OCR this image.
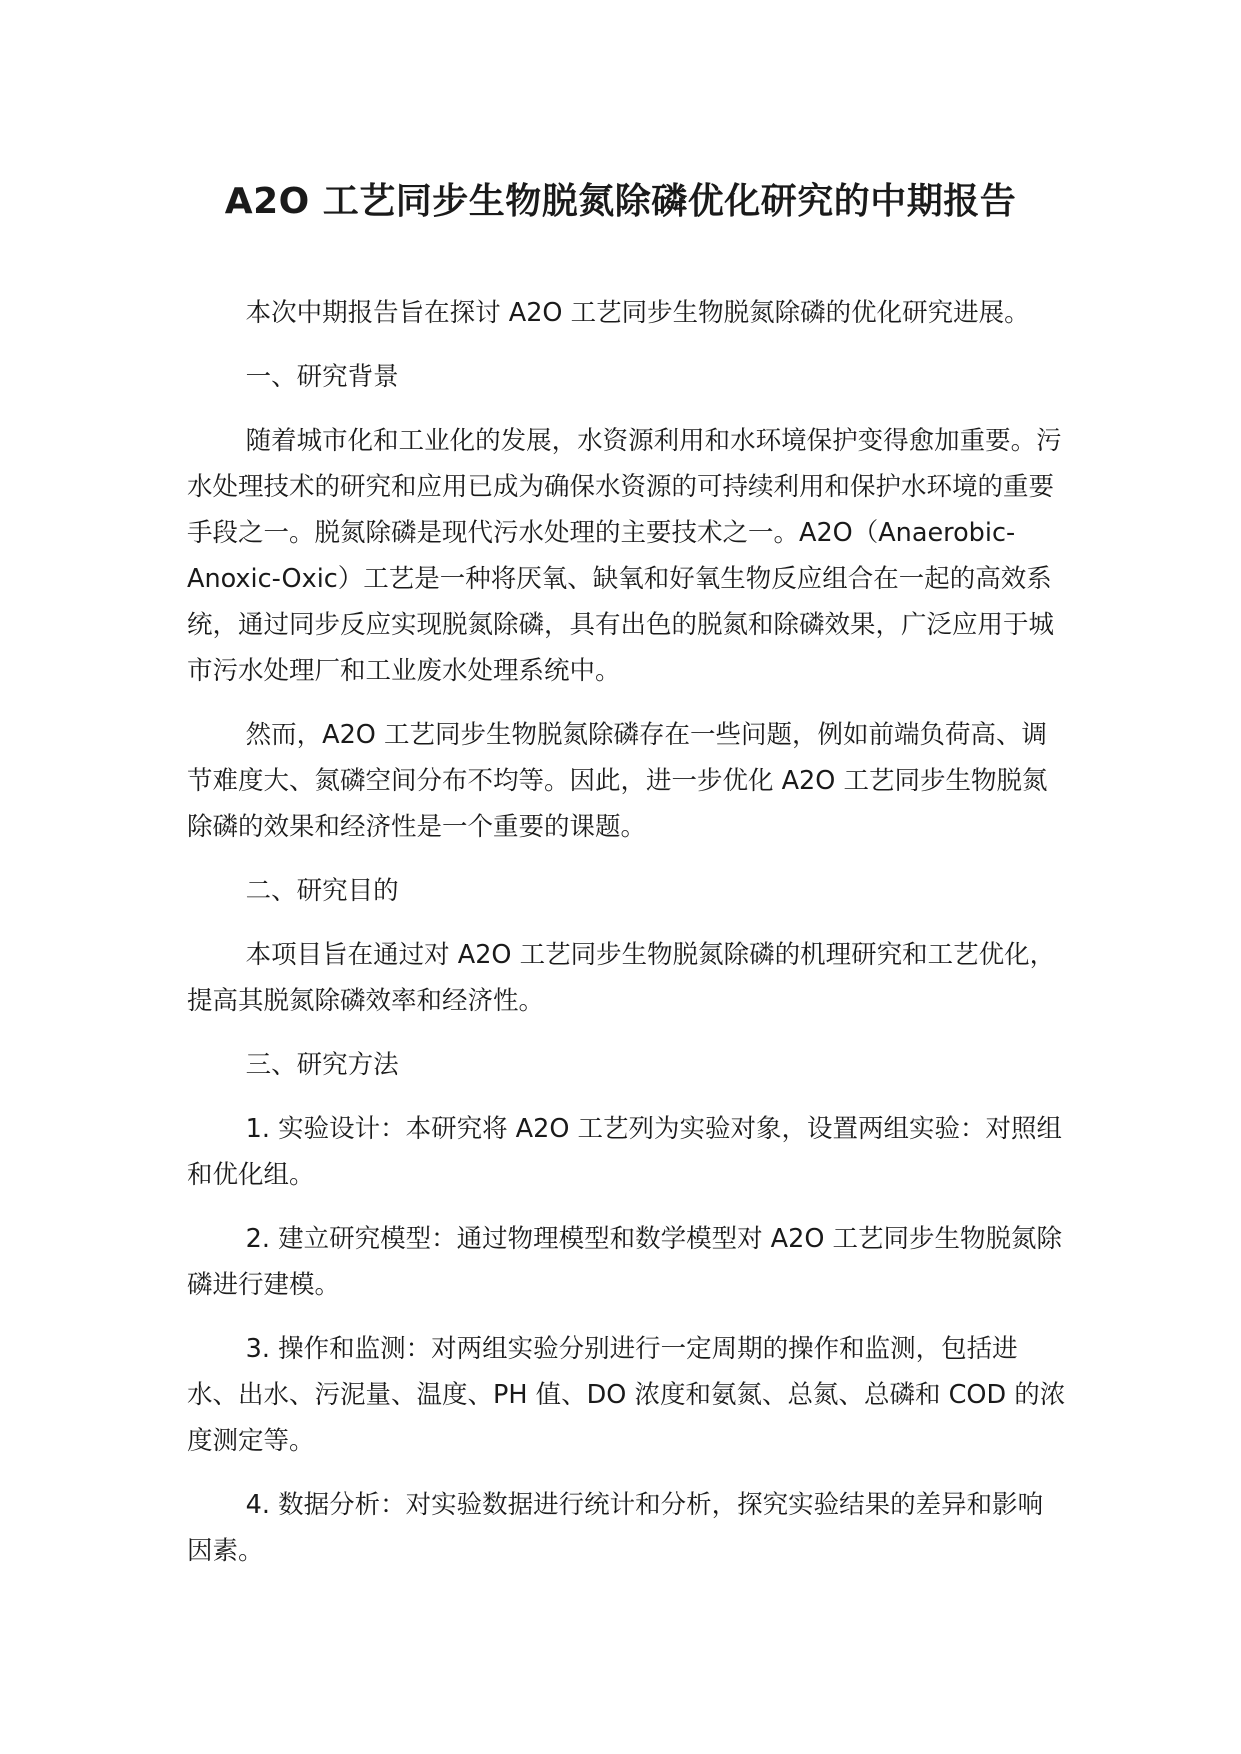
A2O 工艺同步生物脱氮除磷优化研究的中期报告

本次中期报告旨在探讨 A2O 工艺同步生物脱氮除磷的优化研究进展。

一、研究背景

随着城市化和工业化的发展，水资源利用和水环境保护变得愈加重要。污水处理技术的研究和应用已成为确保水资源的可持续利用和保护水环境的重要手段之一。脱氮除磷是现代污水处理的主要技术之一。A2O（Anaerobic-Anoxic-Oxic）工艺是一种将厌氧、缺氧和好氧生物反应组合在一起的高效系统，通过同步反应实现脱氮除磷，具有出色的脱氮和除磷效果，广泛应用于城市污水处理厂和工业废水处理系统中。

然而，A2O 工艺同步生物脱氮除磷存在一些问题，例如前端负荷高、调节难度大、氮磷空间分布不均等。因此，进一步优化 A2O 工艺同步生物脱氮除磷的效果和经济性是一个重要的课题。

二、研究目的

本项目旨在通过对 A2O 工艺同步生物脱氮除磷的机理研究和工艺优化，提高其脱氮除磷效率和经济性。

三、研究方法

1. 实验设计：本研究将 A2O 工艺列为实验对象，设置两组实验：对照组和优化组。

2. 建立研究模型：通过物理模型和数学模型对 A2O 工艺同步生物脱氮除磷进行建模。

3. 操作和监测：对两组实验分别进行一定周期的操作和监测，包括进水、出水、污泥量、温度、PH 值、DO 浓度和氨氮、总氮、总磷和 COD 的浓度测定等。

4. 数据分析：对实验数据进行统计和分析，探究实验结果的差异和影响因素。
